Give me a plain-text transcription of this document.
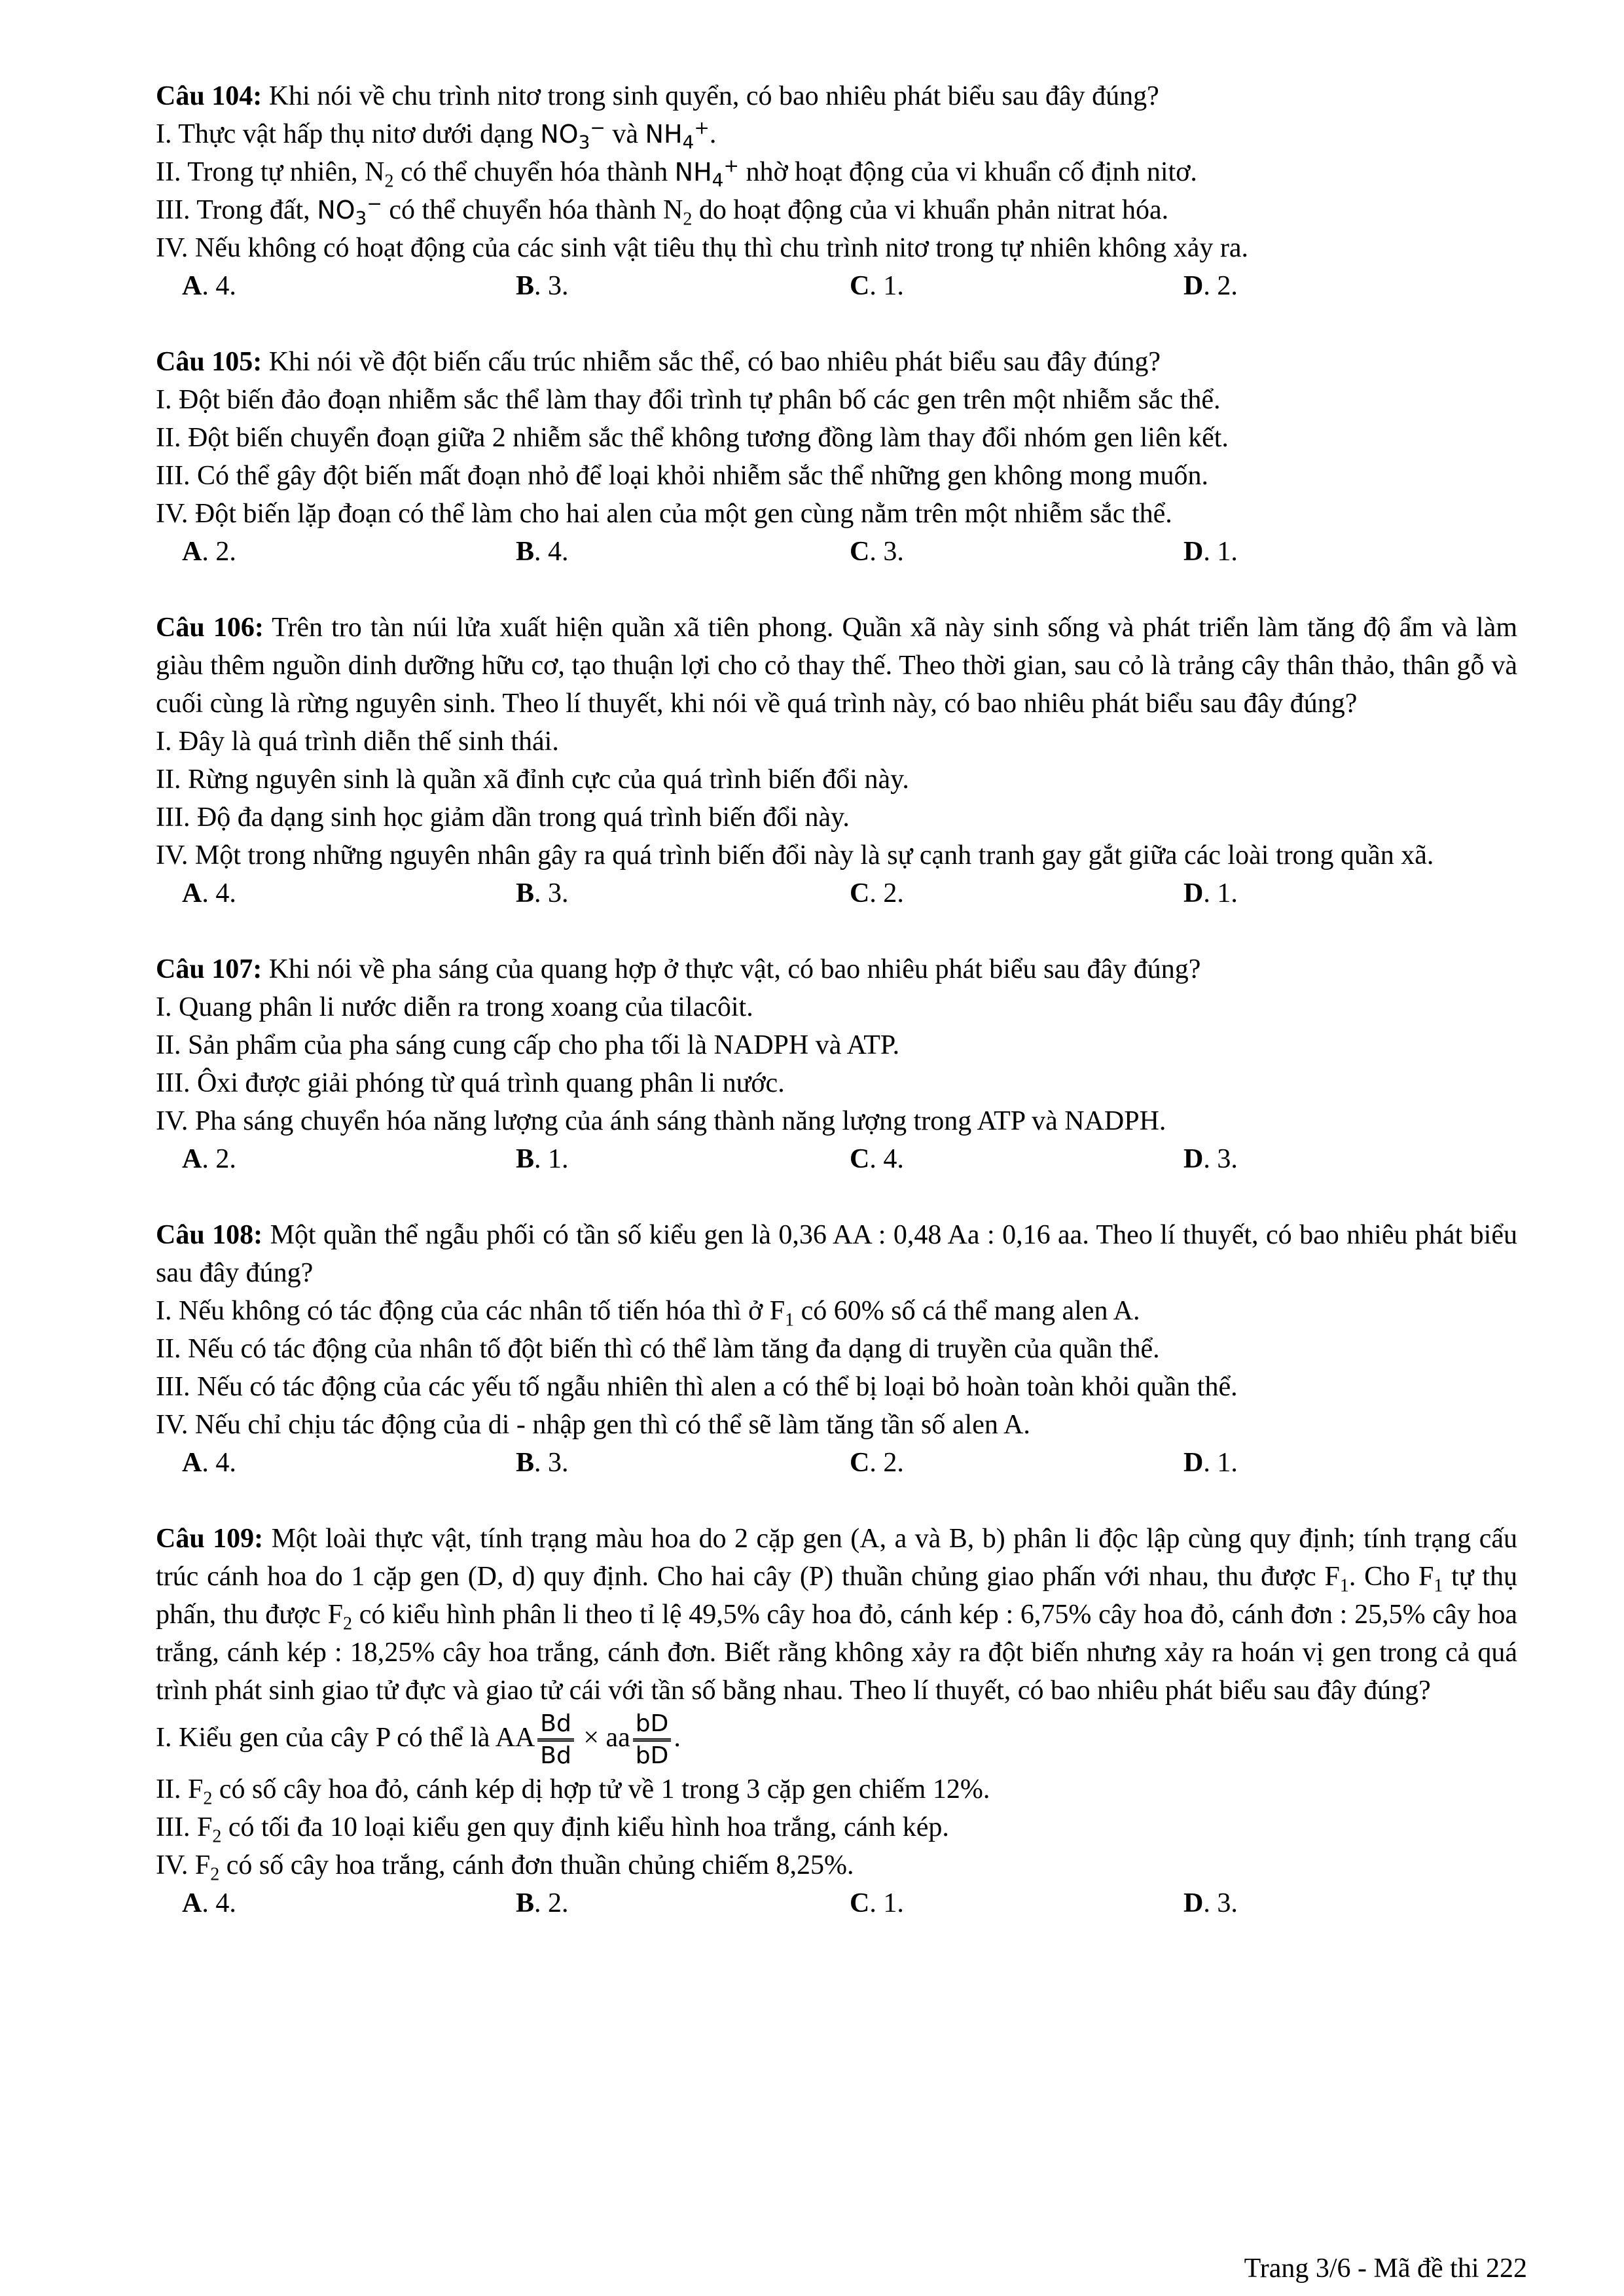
Câu 104: Khi nói về chu trình nitơ trong sinh quyển, có bao nhiêu phát biểu sau đây đúng?

I. Thực vật hấp thụ nitơ dưới dạng $NO_3^-$ và $NH_4^+$.

II. Trong tự nhiên, $N_2$ có thể chuyển hóa thành $NH_4^+$ nhờ hoạt động của vi khuẩn cố định nitơ.

III. Trong đất, $NO_3^-$ có thể chuyển hóa thành $N_2$ do hoạt động của vi khuẩn phản nitrat hóa.

IV. Nếu không có hoạt động của các sinh vật tiêu thụ thì chu trình nitơ trong tự nhiên không xảy ra.

A. 4.	B. 3.	C. 1.	D. 2.

Câu 105: Khi nói về đột biến cấu trúc nhiễm sắc thể, có bao nhiêu phát biểu sau đây đúng?

I. Đột biến đảo đoạn nhiễm sắc thể làm thay đổi trình tự phân bố các gen trên một nhiễm sắc thể.

II. Đột biến chuyển đoạn giữa 2 nhiễm sắc thể không tương đồng làm thay đổi nhóm gen liên kết.

III. Có thể gây đột biến mất đoạn nhỏ để loại khỏi nhiễm sắc thể những gen không mong muốn.

IV. Đột biến lặp đoạn có thể làm cho hai alen của một gen cùng nằm trên một nhiễm sắc thể.

A. 2.	B. 4.	C. 3.	D. 1.

Câu 106: Trên tro tàn núi lửa xuất hiện quần xã tiên phong. Quần xã này sinh sống và phát triển làm tăng độ ẩm và làm giàu thêm nguồn dinh dưỡng hữu cơ, tạo thuận lợi cho cỏ thay thế. Theo thời gian, sau cỏ là trảng cây thân thảo, thân gỗ và cuối cùng là rừng nguyên sinh. Theo lí thuyết, khi nói về quá trình này, có bao nhiêu phát biểu sau đây đúng?

I. Đây là quá trình diễn thế sinh thái.

II. Rừng nguyên sinh là quần xã đỉnh cực của quá trình biến đổi này.

III. Độ đa dạng sinh học giảm dần trong quá trình biến đổi này.

IV. Một trong những nguyên nhân gây ra quá trình biến đổi này là sự cạnh tranh gay gắt giữa các loài trong quần xã.

A. 4.	B. 3.	C. 2.	D. 1.

Câu 107: Khi nói về pha sáng của quang hợp ở thực vật, có bao nhiêu phát biểu sau đây đúng?

I. Quang phân li nước diễn ra trong xoang của tilacôit.

II. Sản phẩm của pha sáng cung cấp cho pha tối là NADPH và ATP.

III. Ôxi được giải phóng từ quá trình quang phân li nước.

IV. Pha sáng chuyển hóa năng lượng của ánh sáng thành năng lượng trong ATP và NADPH.

A. 2.	B. 1.	C. 4.	D. 3.

Câu 108: Một quần thể ngẫu phối có tần số kiểu gen là 0,36 AA : 0,48 Aa : 0,16 aa. Theo lí thuyết, có bao nhiêu phát biểu sau đây đúng?

I. Nếu không có tác động của các nhân tố tiến hóa thì ở $F_1$ có 60% số cá thể mang alen A.

II. Nếu có tác động của nhân tố đột biến thì có thể làm tăng đa dạng di truyền của quần thể.

III. Nếu có tác động của các yếu tố ngẫu nhiên thì alen a có thể bị loại bỏ hoàn toàn khỏi quần thể.

IV. Nếu chỉ chịu tác động của di - nhập gen thì có thể sẽ làm tăng tần số alen A.

A. 4.	B. 3.	C. 2.	D. 1.

Câu 109: Một loài thực vật, tính trạng màu hoa do 2 cặp gen (A, a và B, b) phân li độc lập cùng quy định; tính trạng cấu trúc cánh hoa do 1 cặp gen (D, d) quy định. Cho hai cây (P) thuần chủng giao phấn với nhau, thu được $F_1$. Cho $F_1$ tự thụ phấn, thu được $F_2$ có kiểu hình phân li theo tỉ lệ 49,5% cây hoa đỏ, cánh kép : 6,75% cây hoa đỏ, cánh đơn : 25,5% cây hoa trắng, cánh kép : 18,25% cây hoa trắng, cánh đơn. Biết rằng không xảy ra đột biến nhưng xảy ra hoán vị gen trong cả quá trình phát sinh giao tử đực và giao tử cái với tần số bằng nhau. Theo lí thuyết, có bao nhiêu phát biểu sau đây đúng?

I. Kiểu gen của cây P có thể là AA $\frac{Bd}{Bd}$ × aa $\frac{bD}{bD}$ .

II. $F_2$ có số cây hoa đỏ, cánh kép dị hợp tử về 1 trong 3 cặp gen chiếm 12%.

III. $F_2$ có tối đa 10 loại kiểu gen quy định kiểu hình hoa trắng, cánh kép.

IV. $F_2$ có số cây hoa trắng, cánh đơn thuần chủng chiếm 8,25%.

A. 4.	B. 2.	C. 1.	D. 3.
Trang 3/6 - Mã đề thi 222
